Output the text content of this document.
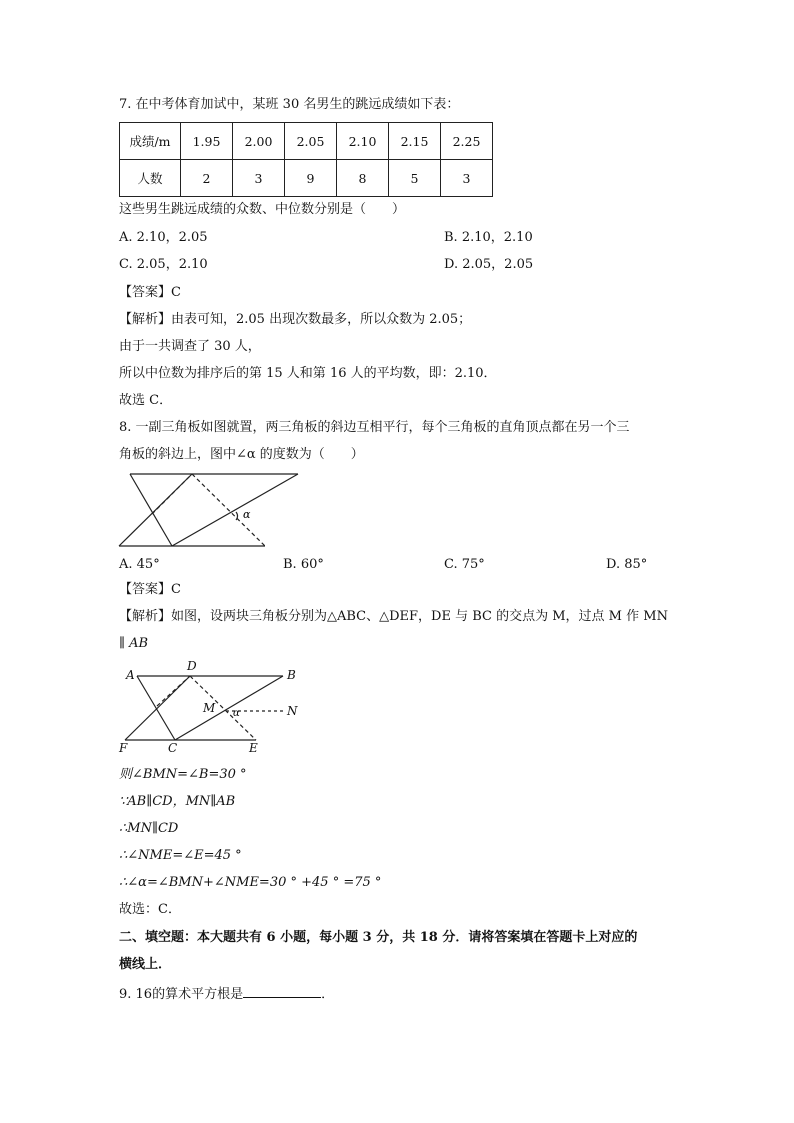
7. 在中考体育加试中，某班 30 名男生的跳远成绩如下表：
成绩/m	1.95	2.00	2.05	2.10	2.15	2.25
人数	2	3	9	8	5	3
这些男生跳远成绩的众数、中位数分别是（　　）
A. 2.10，2.05	B. 2.10，2.10
C. 2.05，2.10	D. 2.05，2.05
【答案】C
【解析】由表可知，2.05 出现次数最多，所以众数为 2.05；
由于一共调查了 30 人，
所以中位数为排序后的第 15 人和第 16 人的平均数，即：2.10．
故选 C．
8. 一副三角板如图就置，两三角板的斜边互相平行，每个三角板的直角顶点都在另一个三
角板的斜边上，图中∠α 的度数为（　　）
α
A. 45°	B. 60°	C. 75°	D. 85°
【答案】C
【解析】如图，设两块三角板分别为△ABC、△DEF，DE 与 BC 的交点为 M，过点 M 作 MN
∥ AB
A
D
B
M α	N
F	C	E
则∠BMN=∠B=30 °
∵AB∥CD，MN∥AB
∴MN∥CD
∴∠NME=∠E=45 °
∴∠α=∠BMN+∠NME=30 ° +45 ° =75 °
故选：C．
二、填空题：本大题共有 6 小题，每小题 3 分，共 18 分．请将答案填在答题卡上对应的
横线上．
9. 16的算术平方根是	．
